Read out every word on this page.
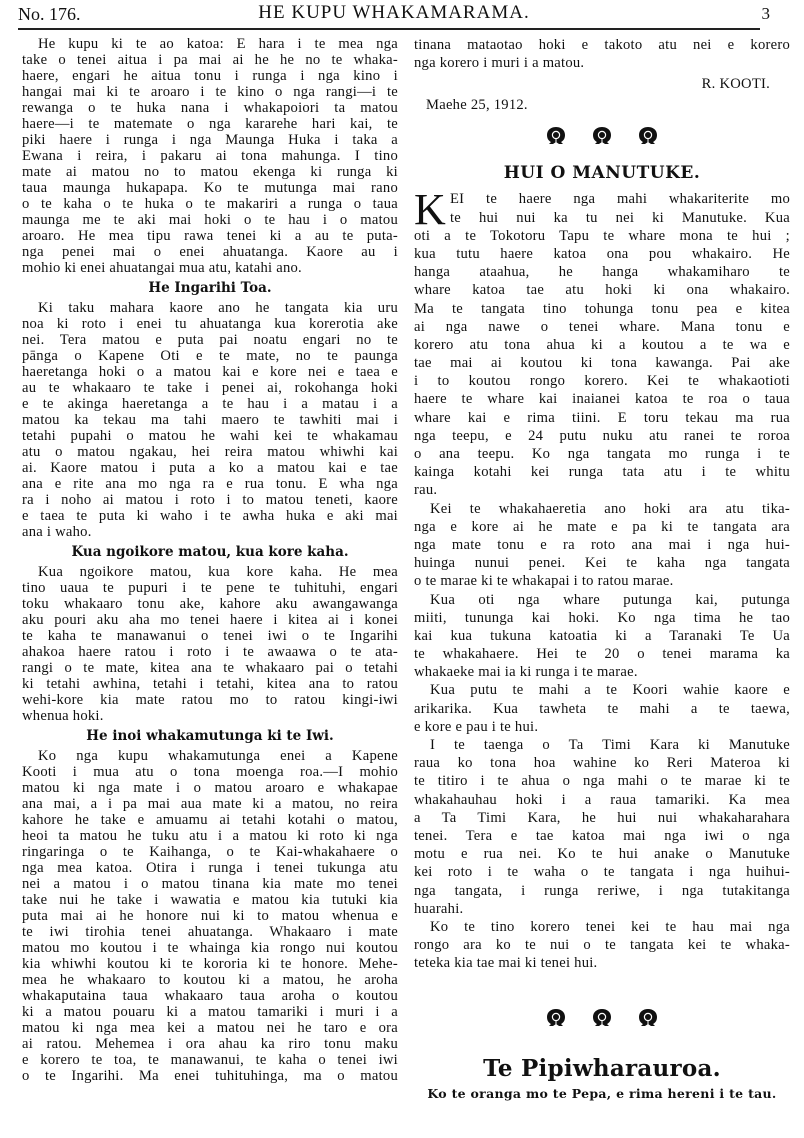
No. 176.	HE KUPU WHAKAMARAMA.	3
He kupu ki te ao katoa: E hara i te mea nga
take o tenei aitua i pa mai ai he he no te whaka-
haere, engari he aitua tonu i runga i nga kino i
hangai mai ki te aroaro i te kino o nga rangi—i te
rewanga o te huka nana i whakapoiori ta matou
haere—i te matemate o nga kararehe hari kai, te
piki haere i runga i nga Maunga Huka i taka a
Ewana i reira, i pakaru ai tona mahunga. I tino
mate ai matou no to matou ekenga ki runga ki
taua maunga hukapapa. Ko te mutunga mai rano
o te kaha o te huka o te makariri a runga o taua
maunga me te aki mai hoki o te hau i o matou
aroaro. He mea tipu rawa tenei ki a au te puta-
nga penei mai o enei ahuatanga. Kaore au i
mohio ki enei ahuatangai mua atu, katahi ano.
He Ingarihi Toa.
Ki taku mahara kaore ano he tangata kia uru
noa ki roto i enei tu ahuatanga kua korerotia ake
nei. Tera matou e puta pai noatu engari no te
pānga o Kapene Oti e te mate, no te paunga
haeretanga hoki o a matou kai e kore nei e taea e
au te whakaaro te take i penei ai, rokohanga hoki
e te akinga haeretanga a te hau i a matau i a
matou ka tekau ma tahi maero te tawhiti mai i
tetahi pupahi o matou he wahi kei te whakamau
atu o matou ngakau, hei reira matou whiwhi kai
ai. Kaore matou i puta a ko a matou kai e tae
ana e rite ana mo nga ra e rua tonu. E wha nga
ra i noho ai matou i roto i to matou teneti, kaore
e taea te puta ki waho i te awha huka e aki mai
ana i waho.
Kua ngoikore matou, kua kore kaha.
Kua ngoikore matou, kua kore kaha. He mea
tino uaua te pupuri i te pene te tuhituhi, engari
toku whakaaro tonu ake, kahore aku awangawanga
aku pouri aku aha mo tenei haere i kitea ai i konei
te kaha te manawanui o tenei iwi o te Ingarihi
ahakoa haere ratou i roto i te awaawa o te ata-
rangi o te mate, kitea ana te whakaaro pai o tetahi
ki tetahi awhina, tetahi i tetahi, kitea ana to ratou
wehi-kore kia mate ratou mo to ratou kingi-iwi
whenua hoki.
He inoi whakamutunga ki te Iwi.
Ko nga kupu whakamutunga enei a Kapene
Kooti i mua atu o tona moenga roa.—I mohio
matou ki nga mate i o matou aroaro e whakapae
ana mai, a i pa mai aua mate ki a matou, no reira
kahore he take e amuamu ai tetahi kotahi o matou,
heoi ta matou he tuku atu i a matou ki roto ki nga
ringaringa o te Kaihanga, o te Kai-whakahaere o
nga mea katoa. Otira i runga i tenei tukunga atu
nei a matou i o matou tinana kia mate mo tenei
take nui he take i wawatia e matou kia tutuki kia
puta mai ai he honore nui ki to matou whenua e
te iwi tirohia tenei ahuatanga. Whakaaro i mate
matou mo koutou i te whainga kia rongo nui koutou
kia whiwhi koutou ki te kororia ki te honore. Mehe-
mea he whakaaro to koutou ki a matou, he aroha
whakaputaina taua whakaaro taua aroha o koutou
ki a matou pouaru ki a matou tamariki i muri i a
matou ki nga mea kei a matou nei he taro e ora
ai ratou. Mehemea i ora ahau ka riro tonu maku
e korero te toa, te manawanui, te kaha o tenei iwi
o te Ingarihi. Ma enei tuhituhinga, ma o matou
tinana mataotao hoki e takoto atu nei e korero
nga korero i muri i a matou.
R. KOOTI.
Maehe 25, 1912.
HUI O MANUTUKE.
K EI te haere nga mahi whakariterite mo
te hui nui ka tu nei ki Manutuke. Kua
oti a te Tokotoru Tapu te whare mona te hui ;
kua tutu haere katoa ona pou whakairo. He
hanga ataahua, he hanga whakamiharo te
whare katoa tae atu hoki ki ona whakairo.
Ma te tangata tino tohunga tonu pea e kitea
ai nga nawe o tenei whare. Mana tonu e
korero atu tona ahua ki a koutou a te wa e
tae mai ai koutou ki tona kawanga. Pai ake
i to koutou rongo korero. Kei te whakaotioti
haere te whare kai inaianei katoa te roa o taua
whare kai e rima tiini. E toru tekau ma rua
nga teepu, e 24 putu nuku atu ranei te roroa
o ana teepu. Ko nga tangata mo runga i te
kainga kotahi kei runga tata atu i te whitu
rau.
Kei te whakahaeretia ano hoki ara atu tika-
nga e kore ai he mate e pa ki te tangata ara
nga mate tonu e ra roto ana mai i nga hui-
huinga nunui penei. Kei te kaha nga tangata
o te marae ki te whakapai i to ratou marae.
Kua oti nga whare putunga kai, putunga
miiti, tununga kai hoki. Ko nga tima he tao
kai kua tukuna katoatia ki a Taranaki Te Ua
te whakahaere. Hei te 20 o tenei marama ka
whakaeke mai ia ki runga i te marae.
Kua putu te mahi a te Koori wahie kaore e
arikarika. Kua tawheta te mahi a te taewa,
e kore e pau i te hui.
I te taenga o Ta Timi Kara ki Manutuke
raua ko tona hoa wahine ko Reri Materoa ki
te titiro i te ahua o nga mahi o te marae ki te
whakahauhau hoki i a raua tamariki. Ka mea
a Ta Timi Kara, he hui nui whakaharahara
tenei. Tera e tae katoa mai nga iwi o nga
motu e rua nei. Ko te hui anake o Manutuke
kei roto i te waha o te tangata i nga huihui-
nga tangata, i runga reriwe, i nga tutakitanga
huarahi.
Ko te tino korero tenei kei te hau mai nga
rongo ara ko te nui o te tangata kei te whaka-
teteka kia tae mai ki tenei hui.
Te Pipiwharauroa.
Ko te oranga mo te Pepa, e rima hereni i te tau.
